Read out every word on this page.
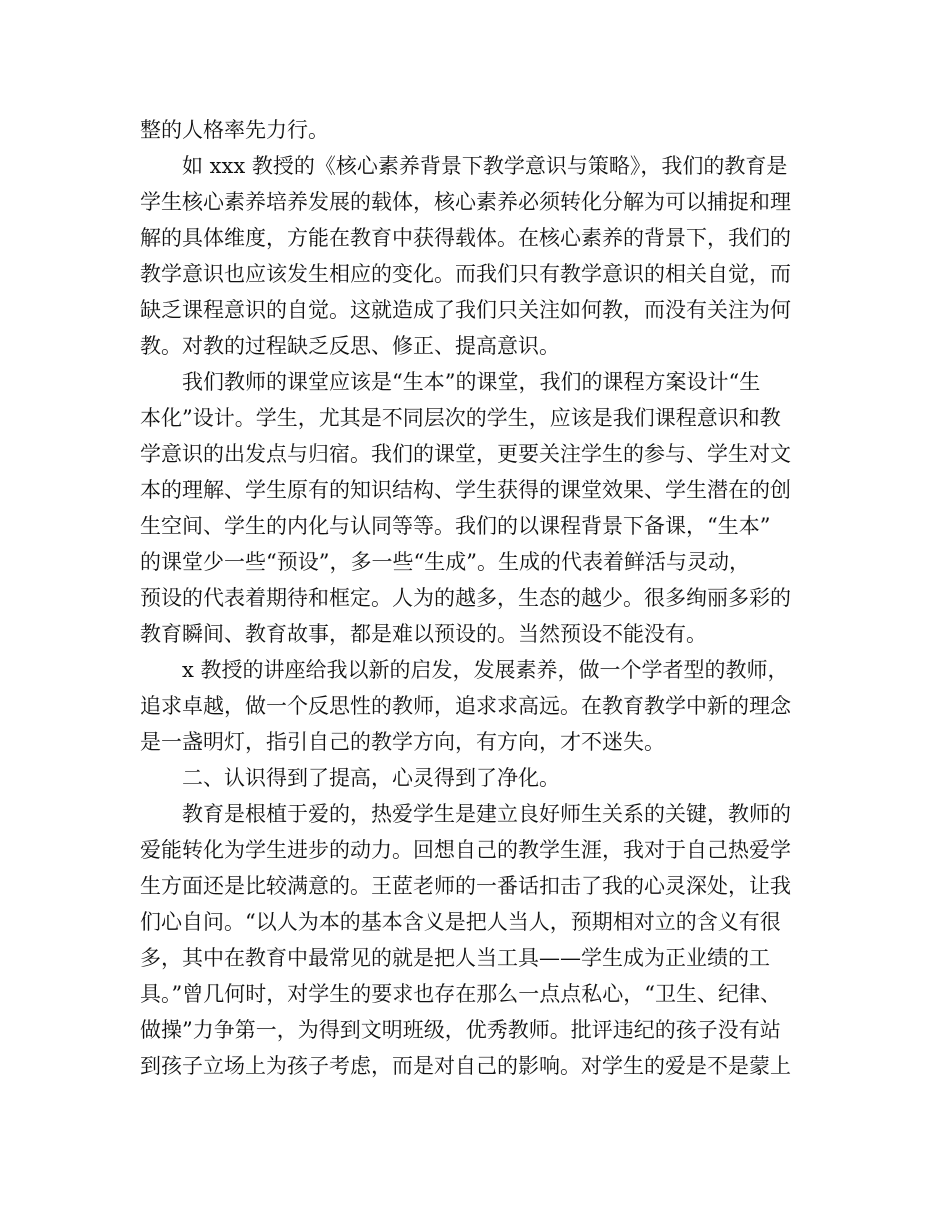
整的人格率先力行。
如 xxx 教授的《核心素养背景下教学意识与策略》，我们的教育是
学生核心素养培养发展的载体，核心素养必须转化分解为可以捕捉和理
解的具体维度，方能在教育中获得载体。在核心素养的背景下，我们的
教学意识也应该发生相应的变化。而我们只有教学意识的相关自觉，而
缺乏课程意识的自觉。这就造成了我们只关注如何教，而没有关注为何
教。对教的过程缺乏反思、修正、提高意识。
我们教师的课堂应该是“生本”的课堂，我们的课程方案设计“生
本化”设计。学生，尤其是不同层次的学生，应该是我们课程意识和教
学意识的出发点与归宿。我们的课堂，更要关注学生的参与、学生对文
本的理解、学生原有的知识结构、学生获得的课堂效果、学生潜在的创
生空间、学生的内化与认同等等。我们的以课程背景下备课，“生本”
的课堂少一些“预设”，多一些“生成”。生成的代表着鲜活与灵动，
预设的代表着期待和框定。人为的越多，生态的越少。很多绚丽多彩的
教育瞬间、教育故事，都是难以预设的。当然预设不能没有。
x 教授的讲座给我以新的启发，发展素养，做一个学者型的教师，
追求卓越，做一个反思性的教师，追求求高远。在教育教学中新的理念
是一盏明灯，指引自己的教学方向，有方向，才不迷失。
二、认识得到了提高，心灵得到了净化。
教育是根植于爱的，热爱学生是建立良好师生关系的关键，教师的
爱能转化为学生进步的动力。回想自己的教学生涯，我对于自己热爱学
生方面还是比较满意的。王茝老师的一番话扣击了我的心灵深处，让我
们心自问。“以人为本的基本含义是把人当人，预期相对立的含义有很
多，其中在教育中最常见的就是把人当工具——学生成为正业绩的工
具。”曾几何时，对学生的要求也存在那么一点点私心，“卫生、纪律、
做操”力争第一，为得到文明班级，优秀教师。批评违纪的孩子没有站
到孩子立场上为孩子考虑，而是对自己的影响。对学生的爱是不是蒙上
